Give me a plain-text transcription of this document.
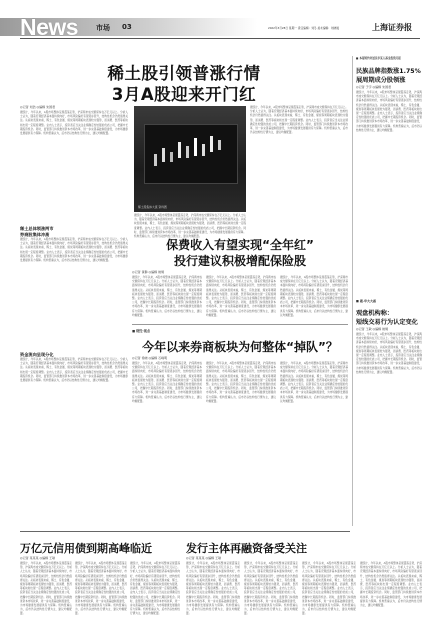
News	市场 03	2022年3月28日 星期一 责任编辑：刘冬 美术编辑：刘晓晨	上海证券报
稀土股引领普涨行情
3月A股迎来开门红
◎记者 刘浩 ◎编辑 朱国君
据统计，今年以来，A股市场整体呈现震荡走势，沪深两市成交额保持在万亿元以上。分析人士认为，随着宏观经济基本面持续向好，市场风险偏好有望逐步回升，结构性机会仍然值得关注。从板块表现来看，稀土、有色金属、煤炭等周期板块表现较为强势，而消费、医药等板块则出现一定程度调整。业内人士表示，投资者应当关注业绩确定性较强的优质公司，把握中长期投资机会。同时，监管部门持续推进资本市场改革，进一步完善基础制度建设，为市场健康发展提供有力保障。机构普遍认为，后市仍以结构性行情为主，建议均衡配置。
稀土总体领涨两市
稀土股集体大涨 资料图
据统计，今年以来，A股市场整体呈现震荡走势，沪深两市成交额保持在万亿元以上。分析人士认为，随着宏观经济基本面持续向好，市场风险偏好有望逐步回升，结构性机会仍然值得关注。从板块表现来看，稀土、有色金属、煤炭等周期板块表现较为强势，而消费、医药等板块则出现一定程度调整。业内人士表示，投资者应当关注业绩确定性较强的优质公司，把握中长期投资机会。同时，监管部门持续推进资本市场改革，进一步完善基础制度建设，为市场健康发展提供有力保障。机构普遍认为，后市仍以结构性行情为主，建议均衡配置。
据统计，今年以来，A股市场整体呈现震荡走势，沪深两市成交额保持在万亿元以上。分析人士认为，随着宏观经济基本面持续向好，市场风险偏好有望逐步回升，结构性机会仍然值得关注。从板块表现来看，稀土、有色金属、煤炭等周期板块表现较为强势，而消费、医药等板块则出现一定程度调整。业内人士表示，投资者应当关注业绩确定性较强的优质公司，把握中长期投资机会。同时，监管部门持续推进资本市场改革，进一步完善基础制度建设，为市场健康发展提供有力保障。机构普遍认为，后市仍以结构性行情为主，建议均衡配置。
券商股集体冲高
据统计，今年以来，A股市场整体呈现震荡走势，沪深两市成交额保持在万亿元以上。分析人士认为，随着宏观经济基本面持续向好，市场风险偏好有望逐步回升，结构性机会仍然值得关注。从板块表现来看，稀土、有色金属、煤炭等周期板块表现较为强势，而消费、医药等板块则出现一定程度调整。业内人士表示，投资者应当关注业绩确定性较强的优质公司，把握中长期投资机会。同时，监管部门持续推进资本市场改革，进一步完善基础制度建设，为市场健康发展提供有力保障。机构普遍认为，后市仍以结构性行情为主，建议均衡配置。
资金流向呈现分化
据统计，今年以来，A股市场整体呈现震荡走势，沪深两市成交额保持在万亿元以上。分析人士认为，随着宏观经济基本面持续向好，市场风险偏好有望逐步回升，结构性机会仍然值得关注。从板块表现来看，稀土、有色金属、煤炭等周期板块表现较为强势，而消费、医药等板块则出现一定程度调整。业内人士表示，投资者应当关注业绩确定性较强的优质公司，把握中长期投资机会。同时，监管部门持续推进资本市场改革，进一步完善基础制度建设，为市场健康发展提供有力保障。机构普遍认为，后市仍以结构性行情为主，建议均衡配置。
保费收入有望实现“全年红”
投行建议积极增配保险股
◎记者 黄静 ◎编辑 姚炯
据统计，今年以来，A股市场整体呈现震荡走势，沪深两市成交额保持在万亿元以上。分析人士认为，随着宏观经济基本面持续向好，市场风险偏好有望逐步回升，结构性机会仍然值得关注。从板块表现来看，稀土、有色金属、煤炭等周期板块表现较为强势，而消费、医药等板块则出现一定程度调整。业内人士表示，投资者应当关注业绩确定性较强的优质公司，把握中长期投资机会。同时，监管部门持续推进资本市场改革，进一步完善基础制度建设，为市场健康发展提供有力保障。机构普遍认为，后市仍以结构性行情为主，建议均衡配置。
据统计，今年以来，A股市场整体呈现震荡走势，沪深两市成交额保持在万亿元以上。分析人士认为，随着宏观经济基本面持续向好，市场风险偏好有望逐步回升，结构性机会仍然值得关注。从板块表现来看，稀土、有色金属、煤炭等周期板块表现较为强势，而消费、医药等板块则出现一定程度调整。业内人士表示，投资者应当关注业绩确定性较强的优质公司，把握中长期投资机会。同时，监管部门持续推进资本市场改革，进一步完善基础制度建设，为市场健康发展提供有力保障。机构普遍认为，后市仍以结构性行情为主，建议均衡配置。
据统计，今年以来，A股市场整体呈现震荡走势，沪深两市成交额保持在万亿元以上。分析人士认为，随着宏观经济基本面持续向好，市场风险偏好有望逐步回升，结构性机会仍然值得关注。从板块表现来看，稀土、有色金属、煤炭等周期板块表现较为强势，而消费、医药等板块则出现一定程度调整。业内人士表示，投资者应当关注业绩确定性较强的优质公司，把握中长期投资机会。同时，监管部门持续推进资本市场改革，进一步完善基础制度建设，为市场健康发展提供有力保障。机构普遍认为，后市仍以结构性行情为主，建议均衡配置。
■ 财经·视点
今年以来券商板块为何整体“掉队”？
◎记者 徐晓 ◎编辑 石峰明
据统计，今年以来，A股市场整体呈现震荡走势，沪深两市成交额保持在万亿元以上。分析人士认为，随着宏观经济基本面持续向好，市场风险偏好有望逐步回升，结构性机会仍然值得关注。从板块表现来看，稀土、有色金属、煤炭等周期板块表现较为强势，而消费、医药等板块则出现一定程度调整。业内人士表示，投资者应当关注业绩确定性较强的优质公司，把握中长期投资机会。同时，监管部门持续推进资本市场改革，进一步完善基础制度建设，为市场健康发展提供有力保障。机构普遍认为，后市仍以结构性行情为主，建议均衡配置。
据统计，今年以来，A股市场整体呈现震荡走势，沪深两市成交额保持在万亿元以上。分析人士认为，随着宏观经济基本面持续向好，市场风险偏好有望逐步回升，结构性机会仍然值得关注。从板块表现来看，稀土、有色金属、煤炭等周期板块表现较为强势，而消费、医药等板块则出现一定程度调整。业内人士表示，投资者应当关注业绩确定性较强的优质公司，把握中长期投资机会。同时，监管部门持续推进资本市场改革，进一步完善基础制度建设，为市场健康发展提供有力保障。机构普遍认为，后市仍以结构性行情为主，建议均衡配置。
据统计，今年以来，A股市场整体呈现震荡走势，沪深两市成交额保持在万亿元以上。分析人士认为，随着宏观经济基本面持续向好，市场风险偏好有望逐步回升，结构性机会仍然值得关注。从板块表现来看，稀土、有色金属、煤炭等周期板块表现较为强势，而消费、医药等板块则出现一定程度调整。业内人士表示，投资者应当关注业绩确定性较强的优质公司，把握中长期投资机会。同时，监管部门持续推进资本市场改革，进一步完善基础制度建设，为市场健康发展提供有力保障。机构普遍认为，后市仍以结构性行情为主，建议均衡配置。
■ 本报特约评述员李某人基金投资月报
民族品牌指数涨1.75%
展周期成分股领涨
◎记者 于宇 ◎编辑 朱国君
据统计，今年以来，A股市场整体呈现震荡走势，沪深两市成交额保持在万亿元以上。分析人士认为，随着宏观经济基本面持续向好，市场风险偏好有望逐步回升，结构性机会仍然值得关注。从板块表现来看，稀土、有色金属、煤炭等周期板块表现较为强势，而消费、医药等板块则出现一定程度调整。业内人士表示，投资者应当关注业绩确定性较强的优质公司，把握中长期投资机会。同时，监管部门持续推进资本市场改革，进一步完善基础制度建设，为市场健康发展提供有力保障。机构普遍认为，后市仍以结构性行情为主，建议均衡配置。
■ 题·审大大赛
观盘机构称：
短线交易行为认定变化
◎记者 王敏 ◎编辑 姚炯
据统计，今年以来，A股市场整体呈现震荡走势，沪深两市成交额保持在万亿元以上。分析人士认为，随着宏观经济基本面持续向好，市场风险偏好有望逐步回升，结构性机会仍然值得关注。从板块表现来看，稀土、有色金属、煤炭等周期板块表现较为强势，而消费、医药等板块则出现一定程度调整。业内人士表示，投资者应当关注业绩确定性较强的优质公司，把握中长期投资机会。同时，监管部门持续推进资本市场改革，进一步完善基础制度建设，为市场健康发展提供有力保障。机构普遍认为，后市仍以结构性行情为主，建议均衡配置。
万亿元信用债到期高峰临近
◎记者 某某某 ◎编辑 王敏
据统计，今年以来，A股市场整体呈现震荡走势，沪深两市成交额保持在万亿元以上。分析人士认为，随着宏观经济基本面持续向好，市场风险偏好有望逐步回升，结构性机会仍然值得关注。从板块表现来看，稀土、有色金属、煤炭等周期板块表现较为强势，而消费、医药等板块则出现一定程度调整。业内人士表示，投资者应当关注业绩确定性较强的优质公司，把握中长期投资机会。同时，监管部门持续推进资本市场改革，进一步完善基础制度建设，为市场健康发展提供有力保障。机构普遍认为，后市仍以结构性行情为主，建议均衡配置。
据统计，今年以来，A股市场整体呈现震荡走势，沪深两市成交额保持在万亿元以上。分析人士认为，随着宏观经济基本面持续向好，市场风险偏好有望逐步回升，结构性机会仍然值得关注。从板块表现来看，稀土、有色金属、煤炭等周期板块表现较为强势，而消费、医药等板块则出现一定程度调整。业内人士表示，投资者应当关注业绩确定性较强的优质公司，把握中长期投资机会。同时，监管部门持续推进资本市场改革，进一步完善基础制度建设，为市场健康发展提供有力保障。机构普遍认为，后市仍以结构性行情为主，建议均衡配置。
据统计，今年以来，A股市场整体呈现震荡走势，沪深两市成交额保持在万亿元以上。分析人士认为，随着宏观经济基本面持续向好，市场风险偏好有望逐步回升，结构性机会仍然值得关注。从板块表现来看，稀土、有色金属、煤炭等周期板块表现较为强势，而消费、医药等板块则出现一定程度调整。业内人士表示，投资者应当关注业绩确定性较强的优质公司，把握中长期投资机会。同时，监管部门持续推进资本市场改革，进一步完善基础制度建设，为市场健康发展提供有力保障。机构普遍认为，后市仍以结构性行情为主，建议均衡配置。
发行主体再融资备受关注
◎记者 某某某 ◎编辑 王敏
据统计，今年以来，A股市场整体呈现震荡走势，沪深两市成交额保持在万亿元以上。分析人士认为，随着宏观经济基本面持续向好，市场风险偏好有望逐步回升，结构性机会仍然值得关注。从板块表现来看，稀土、有色金属、煤炭等周期板块表现较为强势，而消费、医药等板块则出现一定程度调整。业内人士表示，投资者应当关注业绩确定性较强的优质公司，把握中长期投资机会。同时，监管部门持续推进资本市场改革，进一步完善基础制度建设，为市场健康发展提供有力保障。机构普遍认为，后市仍以结构性行情为主，建议均衡配置。
据统计，今年以来，A股市场整体呈现震荡走势，沪深两市成交额保持在万亿元以上。分析人士认为，随着宏观经济基本面持续向好，市场风险偏好有望逐步回升，结构性机会仍然值得关注。从板块表现来看，稀土、有色金属、煤炭等周期板块表现较为强势，而消费、医药等板块则出现一定程度调整。业内人士表示，投资者应当关注业绩确定性较强的优质公司，把握中长期投资机会。同时，监管部门持续推进资本市场改革，进一步完善基础制度建设，为市场健康发展提供有力保障。机构普遍认为，后市仍以结构性行情为主，建议均衡配置。
据统计，今年以来，A股市场整体呈现震荡走势，沪深两市成交额保持在万亿元以上。分析人士认为，随着宏观经济基本面持续向好，市场风险偏好有望逐步回升，结构性机会仍然值得关注。从板块表现来看，稀土、有色金属、煤炭等周期板块表现较为强势，而消费、医药等板块则出现一定程度调整。业内人士表示，投资者应当关注业绩确定性较强的优质公司，把握中长期投资机会。同时，监管部门持续推进资本市场改革，进一步完善基础制度建设，为市场健康发展提供有力保障。机构普遍认为，后市仍以结构性行情为主，建议均衡配置。
据统计，今年以来，A股市场整体呈现震荡走势，沪深两市成交额保持在万亿元以上。分析人士认为，随着宏观经济基本面持续向好，市场风险偏好有望逐步回升，结构性机会仍然值得关注。从板块表现来看，稀土、有色金属、煤炭等周期板块表现较为强势，而消费、医药等板块则出现一定程度调整。业内人士表示，投资者应当关注业绩确定性较强的优质公司，把握中长期投资机会。同时，监管部门持续推进资本市场改革，进一步完善基础制度建设，为市场健康发展提供有力保障。机构普遍认为，后市仍以结构性行情为主，建议均衡配置。
